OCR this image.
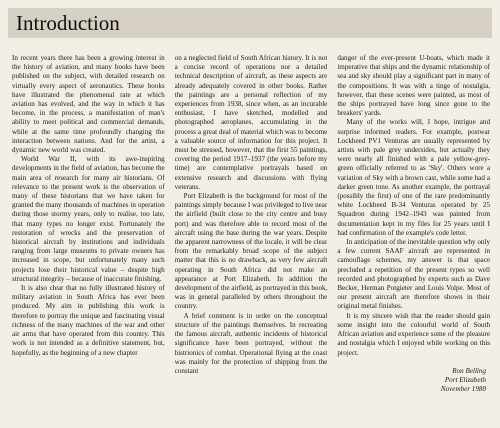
Introduction

In recent years there has been a growing interest in the history of aviation, and many books have been published on the subject, with detailed research on virtually every aspect of aeronautics. These books have illustrated the phenomenal rate at which aviation has evolved, and the way in which it has become, in the process, a manifestation of man's ability to meet political and commercial demands, while at the same time profoundly changing the interaction between nations. And for the artist, a dynamic new world was created.

World War II, with its awe-inspiring developments in the field of aviation, has become the main area of research for many air historians. Of relevance to the present work is the observation of many of these historians that we have taken for granted the many thousands of machines in operation during those stormy years, only to realise, too late, that many types no longer exist. Fortunately the restoration of wrecks and the preservation of historical aircraft by institutions and individuals ranging from large museums to private owners has increased in scope, but unfortunately many such projects lose their historical value – despite high structural integrity – because of inaccurate finishing.

It is also clear that no fully illustrated history of military aviation in South Africa has ever been produced. My aim in publishing this work is therefore to portray the unique and fascinating visual richness of the many machines of the war and other air arms that have operated from this country. This work is not intended as a definitive statement, but, hopefully, as the beginning of a new chapter

on a neglected field of South African history. It is not a concise record of operations nor a detailed technical description of aircraft, as these aspects are already adequately covered in other books. Rather the paintings are a personal reflection of my experiences from 1938, since when, as an incurable enthusiast, I have sketched, modelled and photographed aeroplanes, accumulating in the process a great deal of material which was to become a valuable source of information for this project. It must be stressed, however, that the first 55 paintings, covering the period 1917–1937 (the years before my time) are contemplative portrayals based on extensive research and discussions with flying veterans.

Port Elizabeth is the background for most of the paintings simply because I was privileged to live near the airfield (built close to the city centre and busy port) and was therefore able to record most of the aircraft using the base during the war years. Despite the apparent narrowness of the locale, it will be clear from the remarkably broad scope of the subject matter that this is no drawback, as very few aircraft operating in South Africa did not make an appearance at Port Elizabeth. In addition the development of the airfield, as portrayed in this book, was in general paralleled by others throughout the country.

A brief comment is in order on the conceptual structure of the paintings themselves. In recreating the famous aircraft, authentic incidents of historical significance have been portrayed, without the histrionics of combat. Operational flying at the coast was mainly for the protection of shipping from the constant

danger of the ever-present U-boats, which made it imperative that ships and the dynamic relationship of sea and sky should play a significant part in many of the compositions. It was with a tinge of nostalgia, however, that these scenes were painted, as most of the ships portrayed have long since gone to the breakers' yards.

Many of the works will, I hope, intrigue and surprise informed readers. For example, postwar Lockheed PV1 Venturas are usually represented by artists with pale grey undersides, but actually they were nearly all finished with a pale yellow-grey-green officially referred to as 'Sky'. Others wore a variation of Sky with a brown cast, while some had a darker green tone. As another example, the portrayal (possibly the first) of one of the rare predominantly white Lockheed B-34 Venturas operated by 25 Squadron during 1942–1943 was painted from documentation kept in my files for 25 years until I had confirmation of the example's code letter.

In anticipation of the inevitable question why only a few current SAAF aircraft are represented in camouflage schemes, my answer is that space precluded a repetition of the present types so well recorded and photographed by experts such as Dave Becker, Herman Potgieter and Louis Volpe. Most of our present aircraft are therefore shown in their original metal finishes.

It is my sincere wish that the reader should gain some insight into the colourful world of South African aviation and experience some of the pleasure and nostalgia which I enjoyed while working on this project.

Ron Belling
Port Elizabeth
November 1988
